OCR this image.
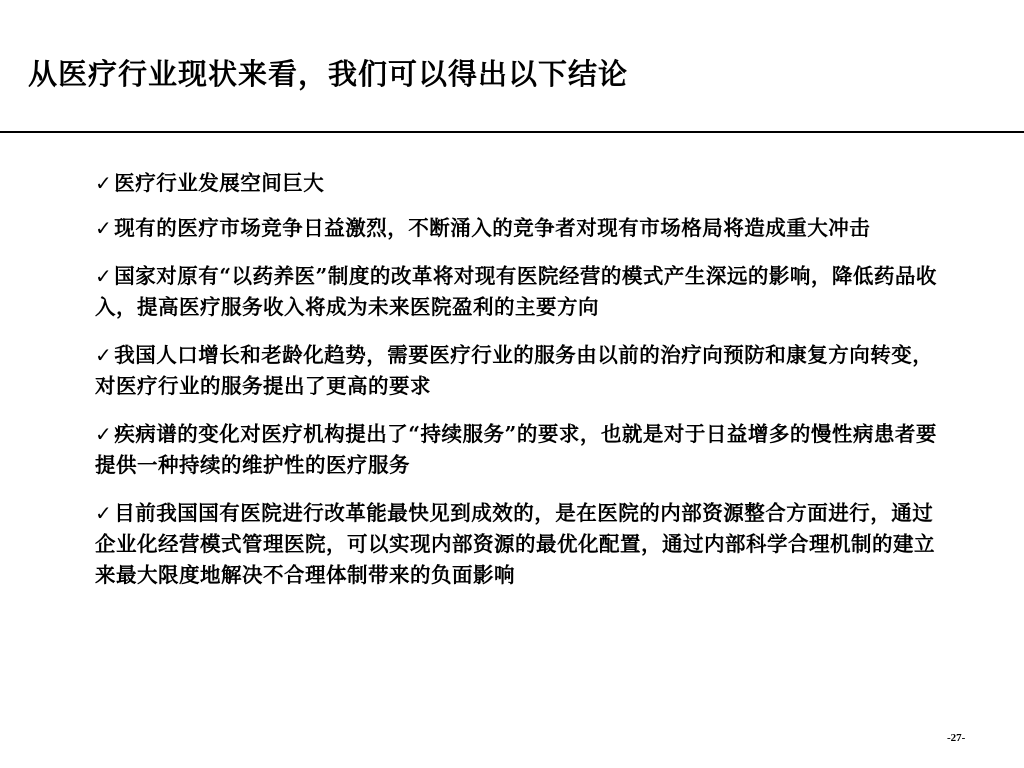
从医疗行业现状来看，我们可以得出以下结论
✓医疗行业发展空间巨大
✓现有的医疗市场竞争日益激烈，不断涌入的竞争者对现有市场格局将造成重大冲击
✓国家对原有“以药养医”制度的改革将对现有医院经营的模式产生深远的影响，降低药品收入，提高医疗服务收入将成为未来医院盈利的主要方向
✓我国人口增长和老龄化趋势，需要医疗行业的服务由以前的治疗向预防和康复方向转变，对医疗行业的服务提出了更高的要求
✓疾病谱的变化对医疗机构提出了“持续服务”的要求，也就是对于日益增多的慢性病患者要提供一种持续的维护性的医疗服务
✓目前我国国有医院进行改革能最快见到成效的，是在医院的内部资源整合方面进行，通过企业化经营模式管理医院，可以实现内部资源的最优化配置，通过内部科学合理机制的建立来最大限度地解决不合理体制带来的负面影响
-27-
